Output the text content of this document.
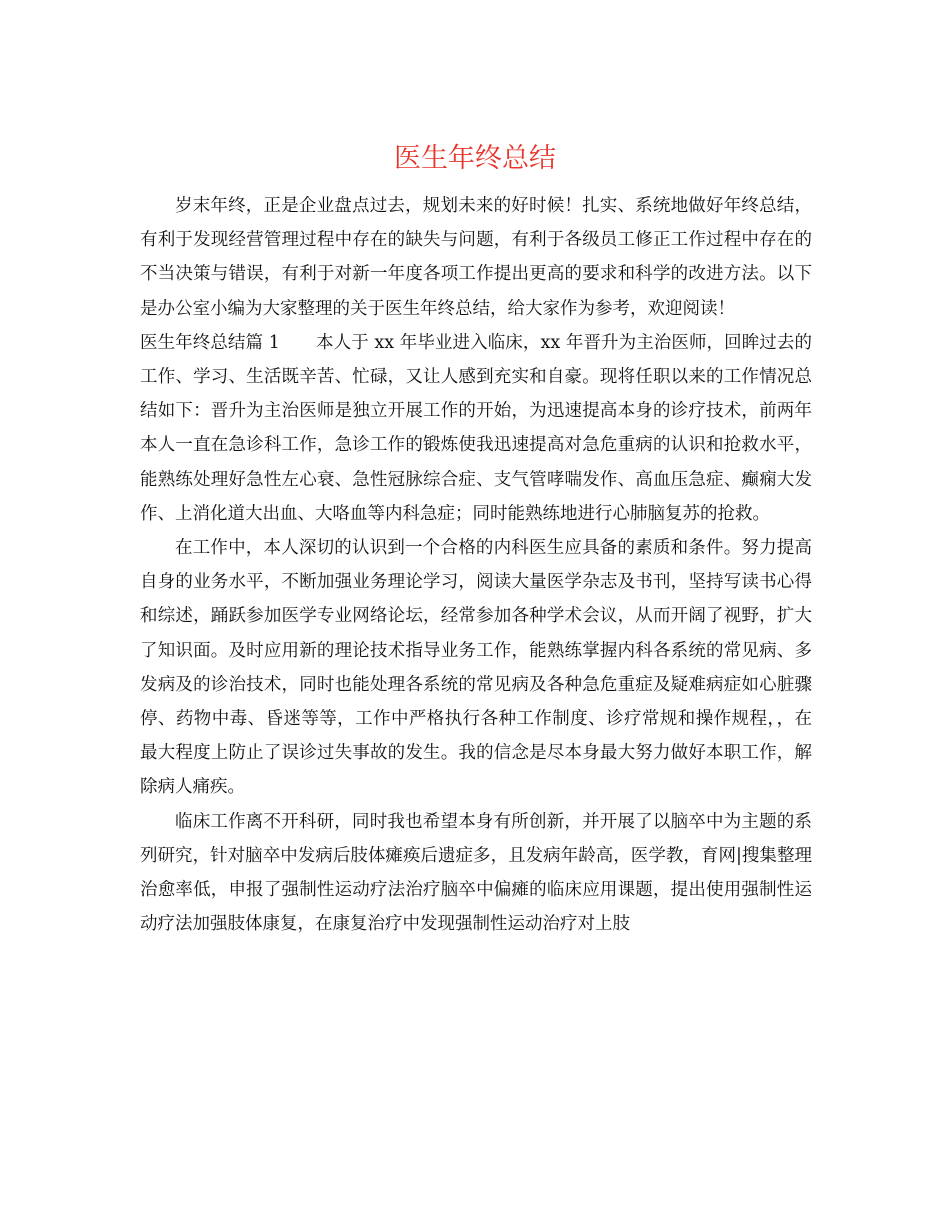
医生年终总结

岁末年终，正是企业盘点过去，规划未来的好时候！扎实、系统地做好年终总结，有利于发现经营管理过程中存在的缺失与问题，有利于各级员工修正工作过程中存在的不当决策与错误，有利于对新一年度各项工作提出更高的要求和科学的改进方法。以下是办公室小编为大家整理的关于医生年终总结，给大家作为参考，欢迎阅读！

医生年终总结篇 1 本人于 xx 年毕业进入临床，xx 年晋升为主治医师，回眸过去的工作、学习、生活既辛苦、忙碌，又让人感到充实和自豪。现将任职以来的工作情况总结如下：晋升为主治医师是独立开展工作的开始，为迅速提高本身的诊疗技术，前两年本人一直在急诊科工作，急诊工作的锻炼使我迅速提高对急危重病的认识和抢救水平，能熟练处理好急性左心衰、急性冠脉综合症、支气管哮喘发作、高血压急症、癫痫大发作、上消化道大出血、大咯血等内科急症；同时能熟练地进行心肺脑复苏的抢救。

在工作中，本人深切的认识到一个合格的内科医生应具备的素质和条件。努力提高自身的业务水平，不断加强业务理论学习，阅读大量医学杂志及书刊，坚持写读书心得和综述，踊跃参加医学专业网络论坛，经常参加各种学术会议，从而开阔了视野，扩大了知识面。及时应用新的理论技术指导业务工作，能熟练掌握内科各系统的常见病、多发病及的诊治技术，同时也能处理各系统的常见病及各种急危重症及疑难病症如心脏骤停、药物中毒、昏迷等等，工作中严格执行各种工作制度、诊疗常规和操作规程，，在最大程度上防止了误诊过失事故的发生。我的信念是尽本身最大努力做好本职工作，解除病人痛疾。

临床工作离不开科研，同时我也希望本身有所创新，并开展了以脑卒中为主题的系列研究，针对脑卒中发病后肢体瘫痪后遗症多，且发病年龄高，医学教，育网|搜集整理治愈率低，申报了强制性运动疗法治疗脑卒中偏瘫的临床应用课题，提出使用强制性运动疗法加强肢体康复，在康复治疗中发现强制性运动治疗对上肢
